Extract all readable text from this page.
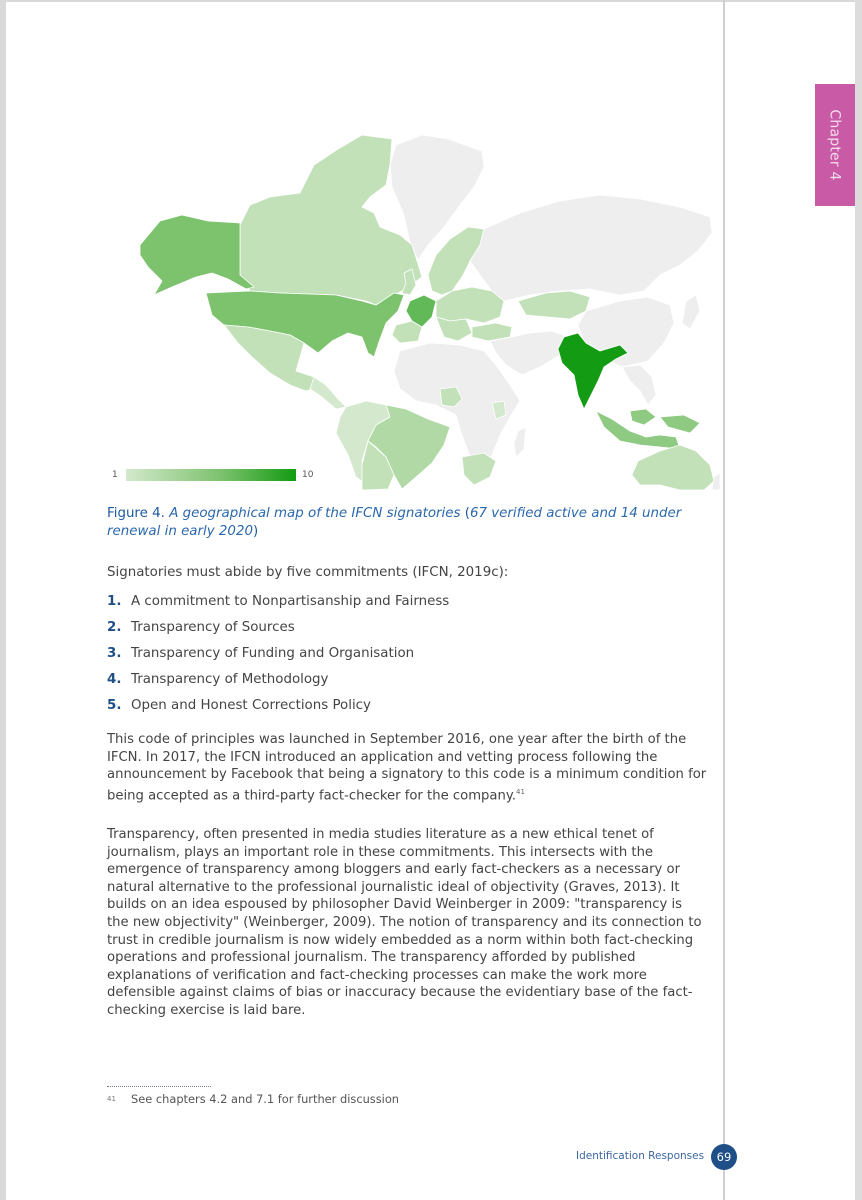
Chapter 4
1	10
Figure 4. A geographical map of the IFCN signatories (67 verified active and 14 under renewal in early 2020)
Signatories must abide by five commitments (IFCN, 2019c):
1. A commitment to Nonpartisanship and Fairness
2. Transparency of Sources
3. Transparency of Funding and Organisation
4. Transparency of Methodology
5. Open and Honest Corrections Policy

This code of principles was launched in September 2016, one year after the birth of the IFCN. In 2017, the IFCN introduced an application and vetting process following the announcement by Facebook that being a signatory to this code is a minimum condition for being accepted as a third-party fact-checker for the company.$^{41}$

Transparency, often presented in media studies literature as a new ethical tenet of journalism, plays an important role in these commitments. This intersects with the emergence of transparency among bloggers and early fact-checkers as a necessary or natural alternative to the professional journalistic ideal of objectivity (Graves, 2013). It builds on an idea espoused by philosopher David Weinberger in 2009: "transparency is the new objectivity" (Weinberger, 2009). The notion of transparency and its connection to trust in credible journalism is now widely embedded as a norm within both fact-checking operations and professional journalism. The transparency afforded by published explanations of verification and fact-checking processes can make the work more defensible against claims of bias or inaccuracy because the evidentiary base of the fact-checking exercise is laid bare.

41	See chapters 4.2 and 7.1 for further discussion
Identification Responses	69
